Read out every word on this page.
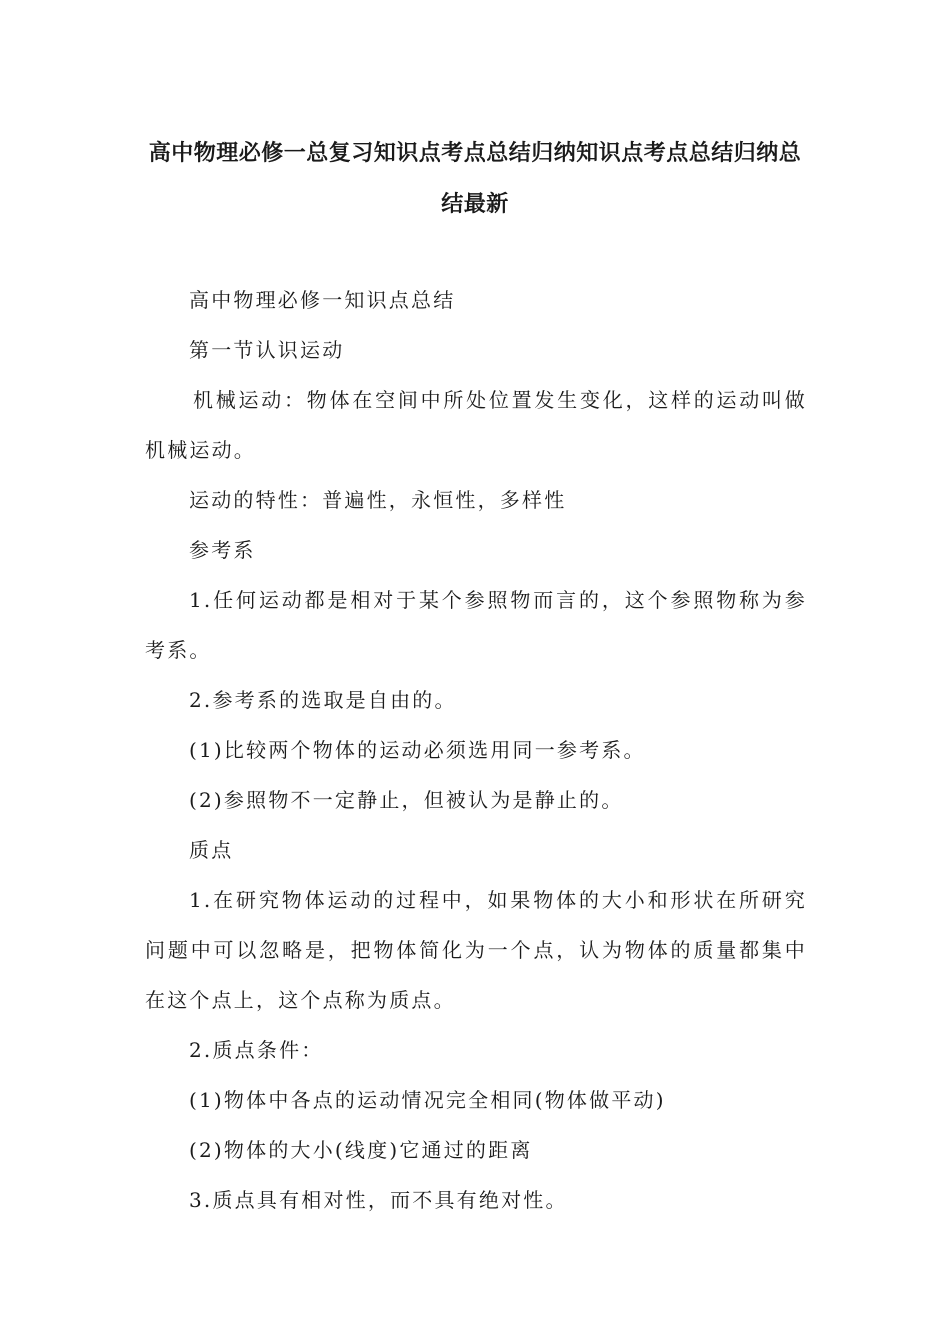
高中物理必修一总复习知识点考点总结归纳知识点考点总结归纳总结最新

高中物理必修一知识点总结

第一节认识运动

机械运动：物体在空间中所处位置发生变化，这样的运动叫做机械运动。

运动的特性：普遍性，永恒性，多样性

参考系

1.任何运动都是相对于某个参照物而言的，这个参照物称为参考系。

2.参考系的选取是自由的。

(1)比较两个物体的运动必须选用同一参考系。

(2)参照物不一定静止，但被认为是静止的。

质点

1.在研究物体运动的过程中，如果物体的大小和形状在所研究问题中可以忽略是，把物体简化为一个点，认为物体的质量都集中在这个点上，这个点称为质点。

2.质点条件：

(1)物体中各点的运动情况完全相同(物体做平动)

(2)物体的大小(线度)它通过的距离

3.质点具有相对性，而不具有绝对性。
